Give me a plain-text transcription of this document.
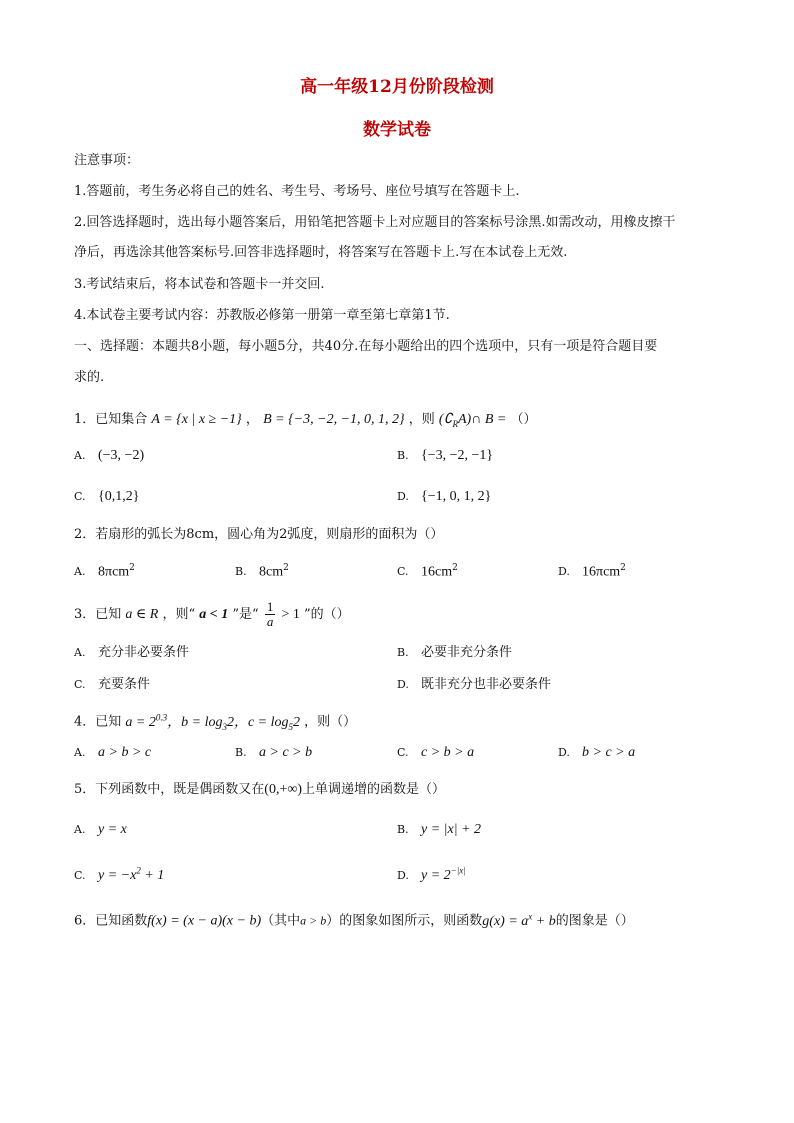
高一年级12月份阶段检测
数学试卷
注意事项：
1.答题前，考生务必将自己的姓名、考生号、考场号、座位号填写在答题卡上.
2.回答选择题时，选出每小题答案后，用铅笔把答题卡上对应题目的答案标号涂黑.如需改动，用橡皮擦干
净后，再选涂其他答案标号.回答非选择题时，将答案写在答题卡上.写在本试卷上无效.
3.考试结束后，将本试卷和答题卡一并交回.
4.本试卷主要考试内容：苏教版必修第一册第一章至第七章第1节.
一、选择题：本题共8小题，每小题5分，共40分.在每小题给出的四个选项中，只有一项是符合题目要
求的.
1．已知集合 A = {x | x ≥ −1} ， B = {−3, −2, −1, 0, 1, 2} ，则 $(∁_RA)\cap$ B = （）
A. (−3, −2)	B. {−3, −2, −1}
C. {0,1,2}	D. {−1, 0, 1, 2}
2．若扇形的弧长为8cm，圆心角为2弧度，则扇形的面积为（）
A. 8πcm$^2$	B. $8cm^2$	C. $16cm^2$	D. 16πcm$^2$
3．已知 a ∈ R ，则“ a < 1 ”是“ $\frac{1}{a} > 1$ ”的（）
A. 充分非必要条件	B. 必要非充分条件
C. 充要条件	D. 既非充分也非必要条件
4．已知 $a = 2^{0.3}$，$b = \log_32$，$c = \log_52$ ，则（）
A. a > b > c	B. a > c > b	C. c > b > a	D. b > c > a
5．下列函数中，既是偶函数又在(0,+∞)上单调递增的函数是（）
A. y = x	B. y = |x| + 2
C. $y = -x^2 + 1$	D. $y = 2^{-|x|}$
6．已知函数f(x) = (x − a)(x − b)（其中a > b）的图象如图所示，则函数$g(x) = a^x + b$的图象是（）
